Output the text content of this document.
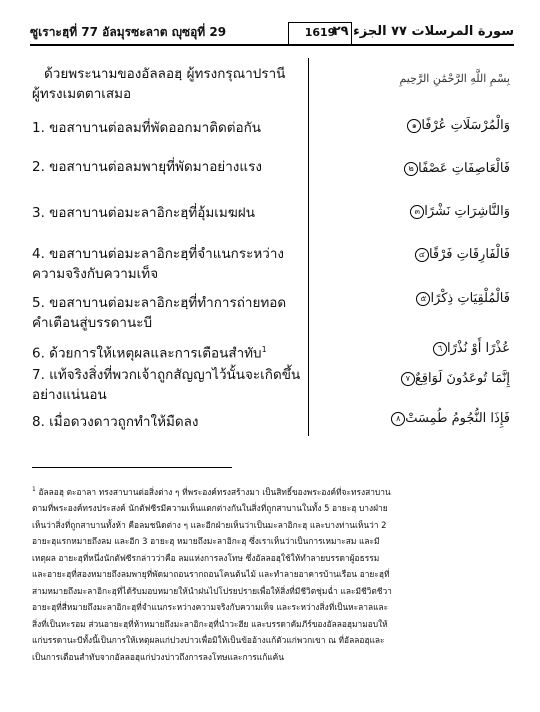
ซูเราะฮฺที่ 77 อัลมุรซะลาต ญุซอุที่ 29	1619
سورة المرسلات ٧٧ الجزء ٢٩
ด้วยพระนามของอัลลอฮฺ ผู้ทรงกรุณาปรานี
ผู้ทรงเมตตาเสมอ
بِسْمِ اللَّهِ الرَّحْمَٰنِ الرَّحِيمِ
1. ขอสาบานต่อลมที่พัดออกมาติดต่อกัน
2. ขอสาบานต่อลมพายุที่พัดมาอย่างแรง
3. ขอสาบานต่อมะลาอิกะฮฺที่อุ้มเมฆฝน
4. ขอสาบานต่อมะลาอิกะฮฺที่จำแนกระหว่าง
ความจริงกับความเท็จ
5. ขอสาบานต่อมะลาอิกะฮฺที่ทำการถ่ายทอด
คำเตือนสู่บรรดานะบี
6. ด้วยการให้เหตุผลและการเตือนสำทับ$^1$
7. แท้จริงสิ่งที่พวกเจ้าถูกสัญญาไว้นั้นจะเกิดขึ้น
อย่างแน่นอน
8. เมื่อดวงดาวถูกทำให้มืดลง
وَالْمُرْسَلَاتِ عُرْفًا๑
فَالْعَاصِفَاتِ عَصْفًا๒
وَالنَّاشِرَاتِ نَشْرًا๓
فَالْفَارِقَاتِ فَرْقًا๔
فَالْمُلْقِيَاتِ ذِكْرًا๕
عُذْرًا أَوْ نُذْرًا٦
إِنَّمَا تُوعَدُونَ لَوَاقِعٌ٧
فَإِذَا النُّجُومُ طُمِسَتْ٨
$^1$ อัลลอฮฺ ตะอาลา ทรงสาบานต่อสิ่งต่าง ๆ ที่พระองค์ทรงสร้างมา เป็นสิทธิ์ของพระองค์ที่จะทรงสาบาน
ตามที่พระองค์ทรงประสงค์ นักตัฟซีรมีความเห็นแตกต่างกันในสิ่งที่ถูกสาบานในทั้ง 5 อายะฮฺ บางฝ่าย
เห็นว่าสิ่งที่ถูกสาบานทั้งห้า คือลมชนิดต่าง ๆ และอีกฝ่ายเห็นว่าเป็นมะลาอิกะฮฺ และบางท่านเห็นว่า 2
อายะฮฺแรกหมายถึงลม และอีก 3 อายะฮฺ หมายถึงมะลาอิกะฮฺ ซึ่งเราเห็นว่าเป็นการเหมาะสม และมี
เหตุผล อายะฮฺที่หนึ่งนักตัฟซีรกล่าวว่าคือ ลมแห่งการลงโทษ ซึ่งอัลลอฮฺใช้ให้ทำลายบรรดาผู้อธรรม
และอายะฮฺที่สองหมายถึงลมพายุที่พัดมาถอนรากถอนโคนต้นไม้ และทำลายอาคารบ้านเรือน อายะฮฺที่
สามหมายถึงมะลาอิกะฮฺที่ได้รับมอบหมายให้นำฝนไปโปรยปรายเพื่อให้สิ่งที่มีชีวิตชุ่มฉ่ำ และมีชีวิตชีวา
อายะฮฺที่สี่หมายถึงมะลาอิกะฮฺที่จำแนกระหว่างความจริงกับความเท็จ และระหว่างสิ่งที่เป็นหะลาลและ
สิ่งที่เป็นหะรอม ส่วนอายะฮฺที่ห้าหมายถึงมะลาอิกะฮฺที่นำวะฮีย และบรรดาคัมภีร์ของอัลลอฮฺมามอบให้
แก่บรรดานะบีทั้งนี้เป็นการให้เหตุผลแก่ปวงบ่าวเพื่อมิให้เป็นข้ออ้างแก้ตัวแก่พวกเขา ณ ที่อัลลอฮฺและ
เป็นการเตือนสำทับจากอัลลอฮฺแก่ปวงบ่าวถึงการลงโทษและการแก้แค้น
